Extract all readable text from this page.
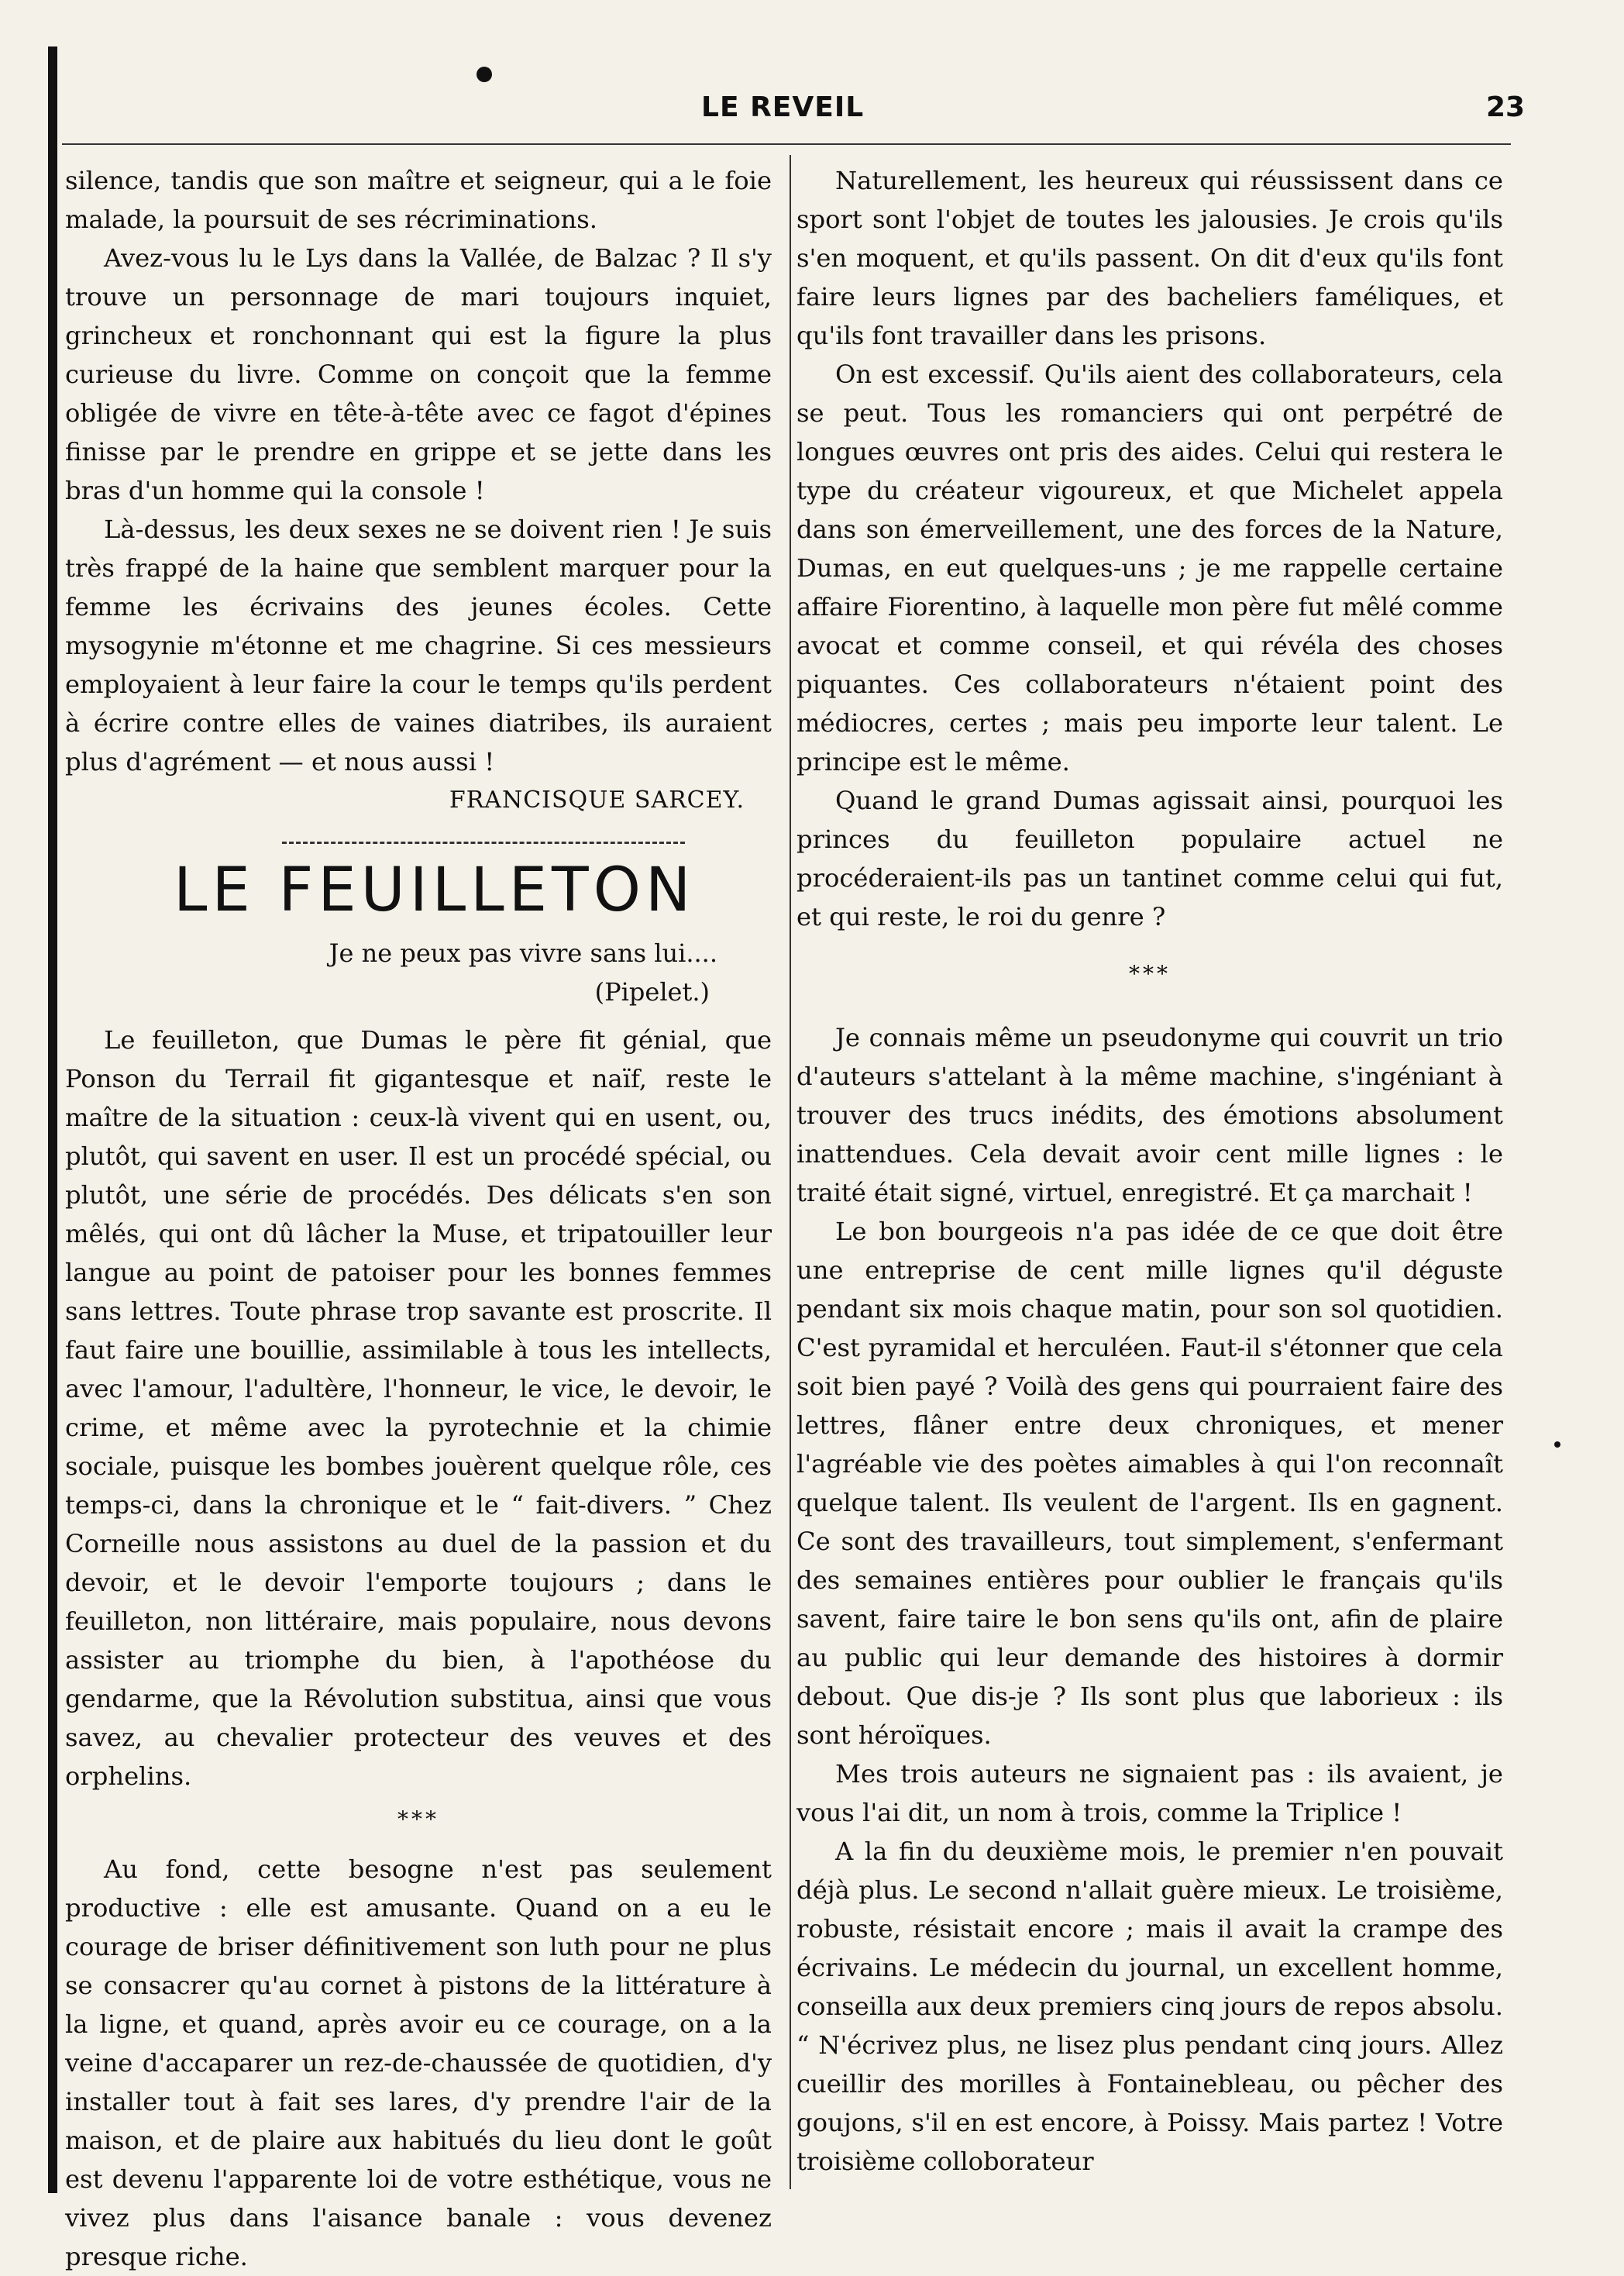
LE REVEIL	23

silence, tandis que son maître et seigneur, qui a le foie malade, la poursuit de ses récriminations.

Avez-vous lu le Lys dans la Vallée, de Balzac ? Il s'y trouve un personnage de mari toujours inquiet, grincheux et ronchonnant qui est la figure la plus curieuse du livre. Comme on conçoit que la femme obligée de vivre en tête-à-tête avec ce fagot d'épines finisse par le prendre en grippe et se jette dans les bras d'un homme qui la console !

Là-dessus, les deux sexes ne se doivent rien ! Je suis très frappé de la haine que semblent marquer pour la femme les écrivains des jeunes écoles. Cette mysogynie m'étonne et me chagrine. Si ces messieurs employaient à leur faire la cour le temps qu'ils perdent à écrire contre elles de vaines diatribes, ils auraient plus d'agrément — et nous aussi !

FRANCISQUE SARCEY.

LE FEUILLETON

Je ne peux pas vivre sans lui....

(Pipelet.)

Le feuilleton, que Dumas le père fit génial, que Ponson du Terrail fit gigantesque et naïf, reste le maître de la situation : ceux-là vivent qui en usent, ou, plutôt, qui savent en user. Il est un procédé spécial, ou plutôt, une série de procédés. Des délicats s'en son mêlés, qui ont dû lâcher la Muse, et tripatouiller leur langue au point de patoiser pour les bonnes femmes sans lettres. Toute phrase trop savante est proscrite. Il faut faire une bouillie, assimilable à tous les intellects, avec l'amour, l'adultère, l'honneur, le vice, le devoir, le crime, et même avec la pyrotechnie et la chimie sociale, puisque les bombes jouèrent quelque rôle, ces temps-ci, dans la chronique et le “ fait-divers. ” Chez Corneille nous assistons au duel de la passion et du devoir, et le devoir l'emporte toujours ; dans le feuilleton, non littéraire, mais populaire, nous devons assister au triomphe du bien, à l'apothéose du gendarme, que la Révolution substitua, ainsi que vous savez, au chevalier protecteur des veuves et des orphelins.

***

Au fond, cette besogne n'est pas seulement productive : elle est amusante. Quand on a eu le courage de briser définitivement son luth pour ne plus se consacrer qu'au cornet à pistons de la littérature à la ligne, et quand, après avoir eu ce courage, on a la veine d'accaparer un rez-de-chaussée de quotidien, d'y installer tout à fait ses lares, d'y prendre l'air de la maison, et de plaire aux habitués du lieu dont le goût est devenu l'apparente loi de votre esthétique, vous ne vivez plus dans l'aisance banale : vous devenez presque riche.

Naturellement, les heureux qui réussissent dans ce sport sont l'objet de toutes les jalousies. Je crois qu'ils s'en moquent, et qu'ils passent. On dit d'eux qu'ils font faire leurs lignes par des bacheliers faméliques, et qu'ils font travailler dans les prisons.

On est excessif. Qu'ils aient des collaborateurs, cela se peut. Tous les romanciers qui ont perpétré de longues œuvres ont pris des aides. Celui qui restera le type du créateur vigoureux, et que Michelet appela dans son émerveillement, une des forces de la Nature, Dumas, en eut quelques-uns ; je me rappelle certaine affaire Fiorentino, à laquelle mon père fut mêlé comme avocat et comme conseil, et qui révéla des choses piquantes. Ces collaborateurs n'étaient point des médiocres, certes ; mais peu importe leur talent. Le principe est le même.

Quand le grand Dumas agissait ainsi, pourquoi les princes du feuilleton populaire actuel ne procéderaient-ils pas un tantinet comme celui qui fut, et qui reste, le roi du genre ?

***

Je connais même un pseudonyme qui couvrit un trio d'auteurs s'attelant à la même machine, s'ingéniant à trouver des trucs inédits, des émotions absolument inattendues. Cela devait avoir cent mille lignes : le traité était signé, virtuel, enregistré. Et ça marchait !

Le bon bourgeois n'a pas idée de ce que doit être une entreprise de cent mille lignes qu'il déguste pendant six mois chaque matin, pour son sol quotidien. C'est pyramidal et herculéen. Faut-il s'étonner que cela soit bien payé ? Voilà des gens qui pourraient faire des lettres, flâner entre deux chroniques, et mener l'agréable vie des poètes aimables à qui l'on reconnaît quelque talent. Ils veulent de l'argent. Ils en gagnent. Ce sont des travailleurs, tout simplement, s'enfermant des semaines entières pour oublier le français qu'ils savent, faire taire le bon sens qu'ils ont, afin de plaire au public qui leur demande des histoires à dormir debout. Que dis-je ? Ils sont plus que laborieux : ils sont héroïques.

Mes trois auteurs ne signaient pas : ils avaient, je vous l'ai dit, un nom à trois, comme la Triplice !

A la fin du deuxième mois, le premier n'en pouvait déjà plus. Le second n'allait guère mieux. Le troisième, robuste, résistait encore ; mais il avait la crampe des écrivains. Le médecin du journal, un excellent homme, conseilla aux deux premiers cinq jours de repos absolu. “ N'écrivez plus, ne lisez plus pendant cinq jours. Allez cueillir des morilles à Fontainebleau, ou pêcher des goujons, s'il en est encore, à Poissy. Mais partez ! Votre troisième colloborateur
